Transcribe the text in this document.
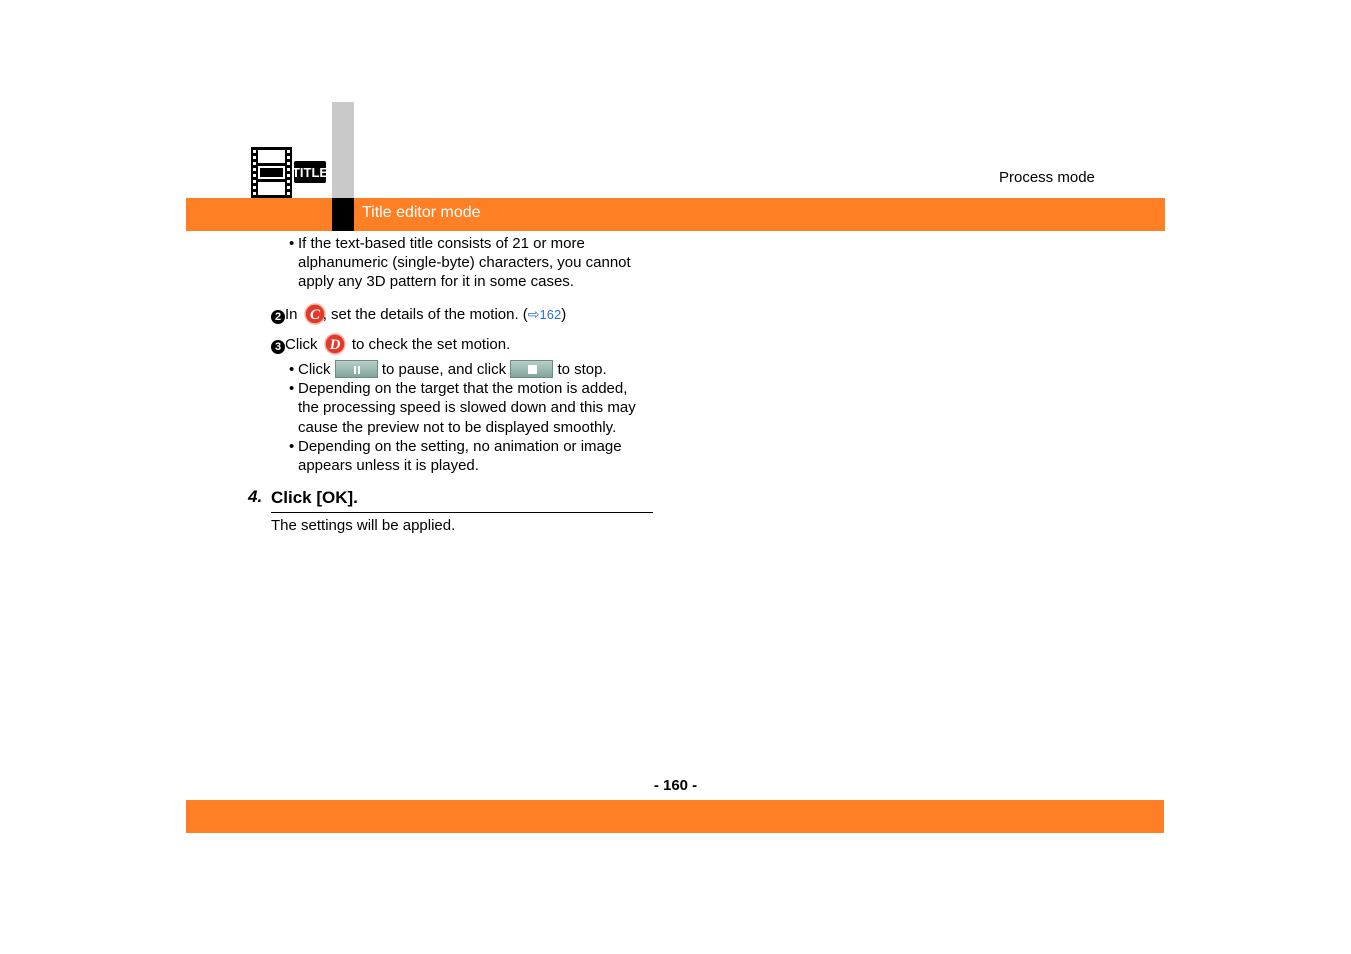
TITLE	Process mode
Title editor mode
• If the text-based title consists of 21 or more
alphanumeric (single-byte) characters, you cannot
apply any 3D pattern for it in some cases.
2 In C , set the details of the motion. (⇨162)
3 Click D to check the set motion.
• Click	to pause, and click	to stop.
• Depending on the target that the motion is added,
the processing speed is slowed down and this may
cause the preview not to be displayed smoothly.
• Depending on the setting, no animation or image
appears unless it is played.
4. Click [OK].
The settings will be applied.
- 160 -
